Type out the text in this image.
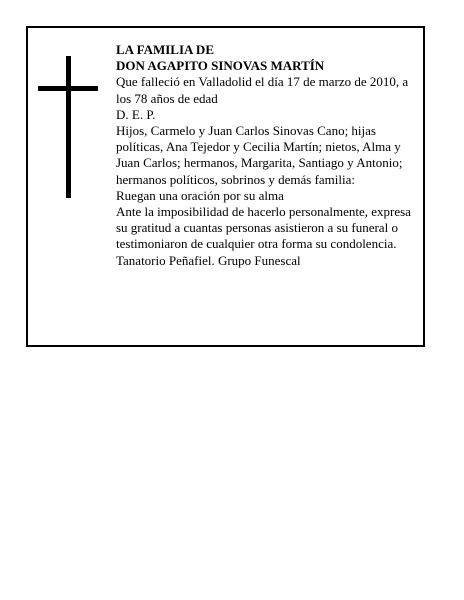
LA FAMILIA DE

DON AGAPITO SINOVAS MARTÍN

Que falleció en Valladolid el día 17 de marzo de 2010, a los 78 años de edad

D. E. P.

Hijos, Carmelo y Juan Carlos Sinovas Cano; hijas políticas, Ana Tejedor y Cecilia Martín; nietos, Alma y Juan Carlos; hermanos, Margarita, Santiago y Antonio; hermanos políticos, sobrinos y demás familia:

Ruegan una oración por su alma

Ante la imposibilidad de hacerlo personalmente, expresa su gratitud a cuantas personas asistieron a su funeral o testimoniaron de cualquier otra forma su condolencia.

Tanatorio Peñafiel. Grupo Funescal
